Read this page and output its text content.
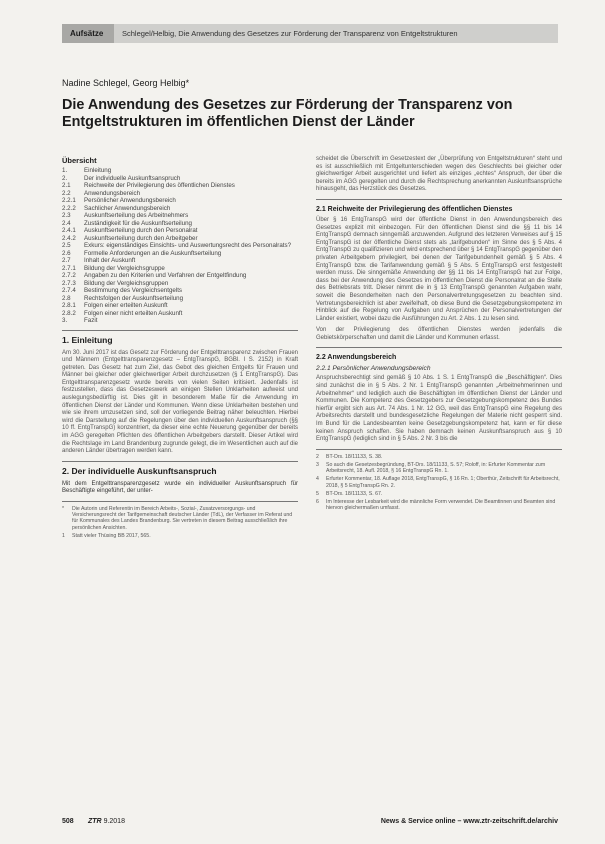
Aufsätze	Schlegel/Helbig, Die Anwendung des Gesetzes zur Förderung der Transparenz von Entgeltstrukturen
Nadine Schlegel, Georg Helbig*
Die Anwendung des Gesetzes zur Förderung der Transparenz von Entgeltstrukturen im öffentlichen Dienst der Länder
Übersicht
1.	Einleitung
2.	Der individuelle Auskunftsanspruch
2.1	Reichweite der Privilegierung des öffentlichen Dienstes
2.2	Anwendungsbereich
2.2.1	Persönlicher Anwendungsbereich
2.2.2	Sachlicher Anwendungsbereich
2.3	Auskunftserteilung des Arbeitnehmers
2.4	Zuständigkeit für die Auskunftserteilung
2.4.1	Auskunftserteilung durch den Personalrat
2.4.2	Auskunftserteilung durch den Arbeitgeber
2.5	Exkurs: eigenständiges Einsichts- und Auswertungsrecht des Personalrats?
2.6	Formelle Anforderungen an die Auskunftserteilung
2.7	Inhalt der Auskunft
2.7.1	Bildung der Vergleichsgruppe
2.7.2	Angaben zu den Kriterien und Verfahren der Entgeltfindung
2.7.3	Bildung der Vergleichsgruppen
2.7.4	Bestimmung des Vergleichsentgelts
2.8	Rechtsfolgen der Auskunftserteilung
2.8.1	Folgen einer erteilten Auskunft
2.8.2	Folgen einer nicht erteilten Auskunft
3.	Fazit
1. Einleitung

Am 30. Juni 2017 ist das Gesetz zur Förderung der Entgelttransparenz zwischen Frauen und Männern (Entgelttransparenzgesetz – EntgTranspG, BGBl. I S. 2152) in Kraft getreten. Das Gesetz hat zum Ziel, das Gebot des gleichen Entgelts für Frauen und Männer bei gleicher oder gleichwertiger Arbeit durchzusetzen (§ 1 EntgTranspG). Das Entgelttransparenzgesetz wurde bereits von vielen Seiten kritisiert. Jedenfalls ist festzustellen, dass das Gesetzeswerk an einigen Stellen Unklarheiten aufweist und auslegungsbedürftig ist. Dies gilt in besonderem Maße für die Anwendung im öffentlichen Dienst der Länder und Kommunen. Wenn diese Unklarheiten bestehen und wie sie ihrem umzusetzen sind, soll der vorliegende Beitrag näher beleuchten. Hierbei wird die Darstellung auf die Regelungen über den individuellen Auskunftsanspruch (§§ 10 ff. EntgTranspG) konzentriert, da dieser eine echte Neuerung gegenüber der bereits im AGG geregelten Pflichten des öffentlichen Arbeitgebers darstellt. Dieser Artikel wird die Rechtslage im Land Brandenburg zugrunde gelegt, die im Wesentlichen auch auf die anderen Länder übertragen werden kann.

2. Der individuelle Auskunftsanspruch

Mit dem Entgelttransparenzgesetz wurde ein individueller Auskunftsanspruch für Beschäftigte eingeführt, der unter-

*	Die Autorin und Referentin im Bereich Arbeits-, Sozial-, Zusatzversorgungs- und Versicherungsrecht der Tarifgemeinschaft deutscher Länder (TdL), der Verfasser im Referat und für Kommunales des Landes Brandenburg. Sie vertreten in diesem Beitrag ausschließlich ihre persönlichen Ansichten.
1	Statt vieler Thüsing BB 2017, 565.

scheidet die Überschrift im Gesetzestext der „Überprüfung von Entgeltstrukturen“ steht und es ist ausschließlich mit Entgeltunterschieden wegen des Geschlechts bei gleicher oder gleichwertiger Arbeit ausgerichtet und liefert als einziges „echtes“ Anspruch, der über die bereits im AGG geregelten und durch die Rechtsprechung anerkannten Auskunftsansprüche hinausgeht, das Herzstück des Gesetzes.

2.1 Reichweite der Privilegierung des öffentlichen Dienstes

Über § 16 EntgTranspG wird der öffentliche Dienst in den Anwendungsbereich des Gesetzes explizit mit einbezogen. Für den öffentlichen Dienst sind die §§ 11 bis 14 EntgTranspG demnach sinngemäß anzuwenden. Aufgrund des letzteren Verweises auf § 15 EntgTranspG ist der öffentliche Dienst stets als „tarifgebunden“ im Sinne des § 5 Abs. 4 EntgTranspG zu qualifizieren und wird entsprechend über § 14 EntgTranspG gegenüber den privaten Arbeitgebern privilegiert, bei denen der Tarifgebundenheit gemäß § 5 Abs. 4 EntgTranspG bzw. die Tarifanwendung gemäß § 5 Abs. 5 EntgTranspG erst festgestellt werden muss. Die sinngemäße Anwendung der §§ 11 bis 14 EntgTranspG hat zur Folge, dass bei der Anwendung des Gesetzes im öffentlichen Dienst die Personalrat an die Stelle des Betriebsrats tritt. Dieser nimmt die in § 13 EntgTranspG genannten Aufgaben wahr, soweit die Besonderheiten nach den Personalvertretungsgesetzen zu beachten sind. Vertretungsbereichlich ist aber zweifelhaft, ob diese Bund die Gesetzgebungskompetenz im Hinblick auf die Regelung von Aufgaben und Ansprüchen der Personalvertretungen der Länder existiert, wobei dazu die Ausführungen zu Art. 2 Abs. 1 zu lesen sind.

Von der Privilegierung des öffentlichen Dienstes werden jedenfalls die Gebietskörperschaften und damit die Länder und Kommunen erfasst.

2.2 Anwendungsbereich
2.2.1 Persönlicher Anwendungsbereich

Anspruchsberechtigt sind gemäß § 10 Abs. 1 S. 1 EntgTranspG die „Beschäftigten“. Dies sind zunächst die in § 5 Abs. 2 Nr. 1 EntgTranspG genannten „Arbeitnehmerinnen und Arbeitnehmer“ und lediglich auch die Beschäftigten im öffentlichen Dienst der Länder und Kommunen. Die Kompetenz des Gesetzgebers zur Gesetzgebungskompetenz des Bundes hierfür ergibt sich aus Art. 74 Abs. 1 Nr. 12 GG, weil das EntgTranspG eine Regelung des Arbeitsrechts darstellt und bundesgesetzliche Regelungen der Materie nicht gesperrt sind. Im Bund für die Landesbeamten keine Gesetzgebungskompetenz hat, kann er für diese keinen Anspruch schaffen. Sie haben demnach keinen Auskunftsanspruch aus § 10 EntgTranspG (lediglich sind in § 5 Abs. 2 Nr. 3 bis die

2	BT-Drs. 18/11133, S. 38.
3	So auch die Gesetzesbegründung, BT-Drs. 18/11133, S. 57; Roloff, in: Erfurter Kommentar zum Arbeitsrecht, 18. Aufl. 2018, § 16 EntgTranspG Rn. 1.
4	Erfurter Kommentar, 18. Auflage 2018, EntgTranspG, § 16 Rn. 1; Oberthür, Zeitschrift für Arbeitsrecht, 2018, § 5 EntgTranspG Rn. 2.
5	BT-Drs. 18/11133, S. 67.
6	Im Interesse der Lesbarkeit wird die männliche Form verwendet. Die Beamtinnen und Beamten sind hiervon gleichermaßen umfasst.
508 ZTR 9.2018	News & Service online – www.ztr-zeitschrift.de/archiv
